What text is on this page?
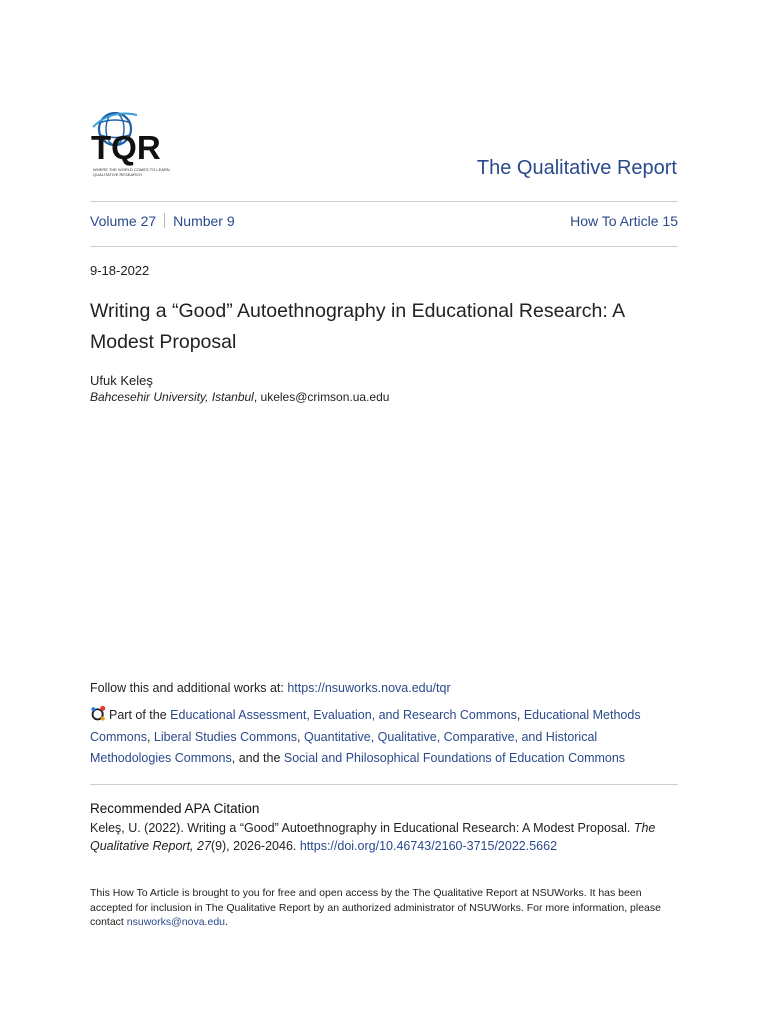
TQR
WHERE THE WORLD COMES TO LEARN QUALITATIVE RESEARCH	The Qualitative Report
Volume 27 Number 9	How To Article 15
9-18-2022
Writing a “Good” Autoethnography in Educational Research: A Modest Proposal
Ufuk Keleş
Bahcesehir University, Istanbul, ukeles@crimson.ua.edu
Follow this and additional works at: https://nsuworks.nova.edu/tqr
Part of the Educational Assessment, Evaluation, and Research Commons, Educational Methods Commons, Liberal Studies Commons, Quantitative, Qualitative, Comparative, and Historical Methodologies Commons, and the Social and Philosophical Foundations of Education Commons
Recommended APA Citation
Keleş, U. (2022). Writing a “Good” Autoethnography in Educational Research: A Modest Proposal. The Qualitative Report, 27(9), 2026-2046. https://doi.org/10.46743/2160-3715/2022.5662
This How To Article is brought to you for free and open access by the The Qualitative Report at NSUWorks. It has been accepted for inclusion in The Qualitative Report by an authorized administrator of NSUWorks. For more information, please contact nsuworks@nova.edu.
